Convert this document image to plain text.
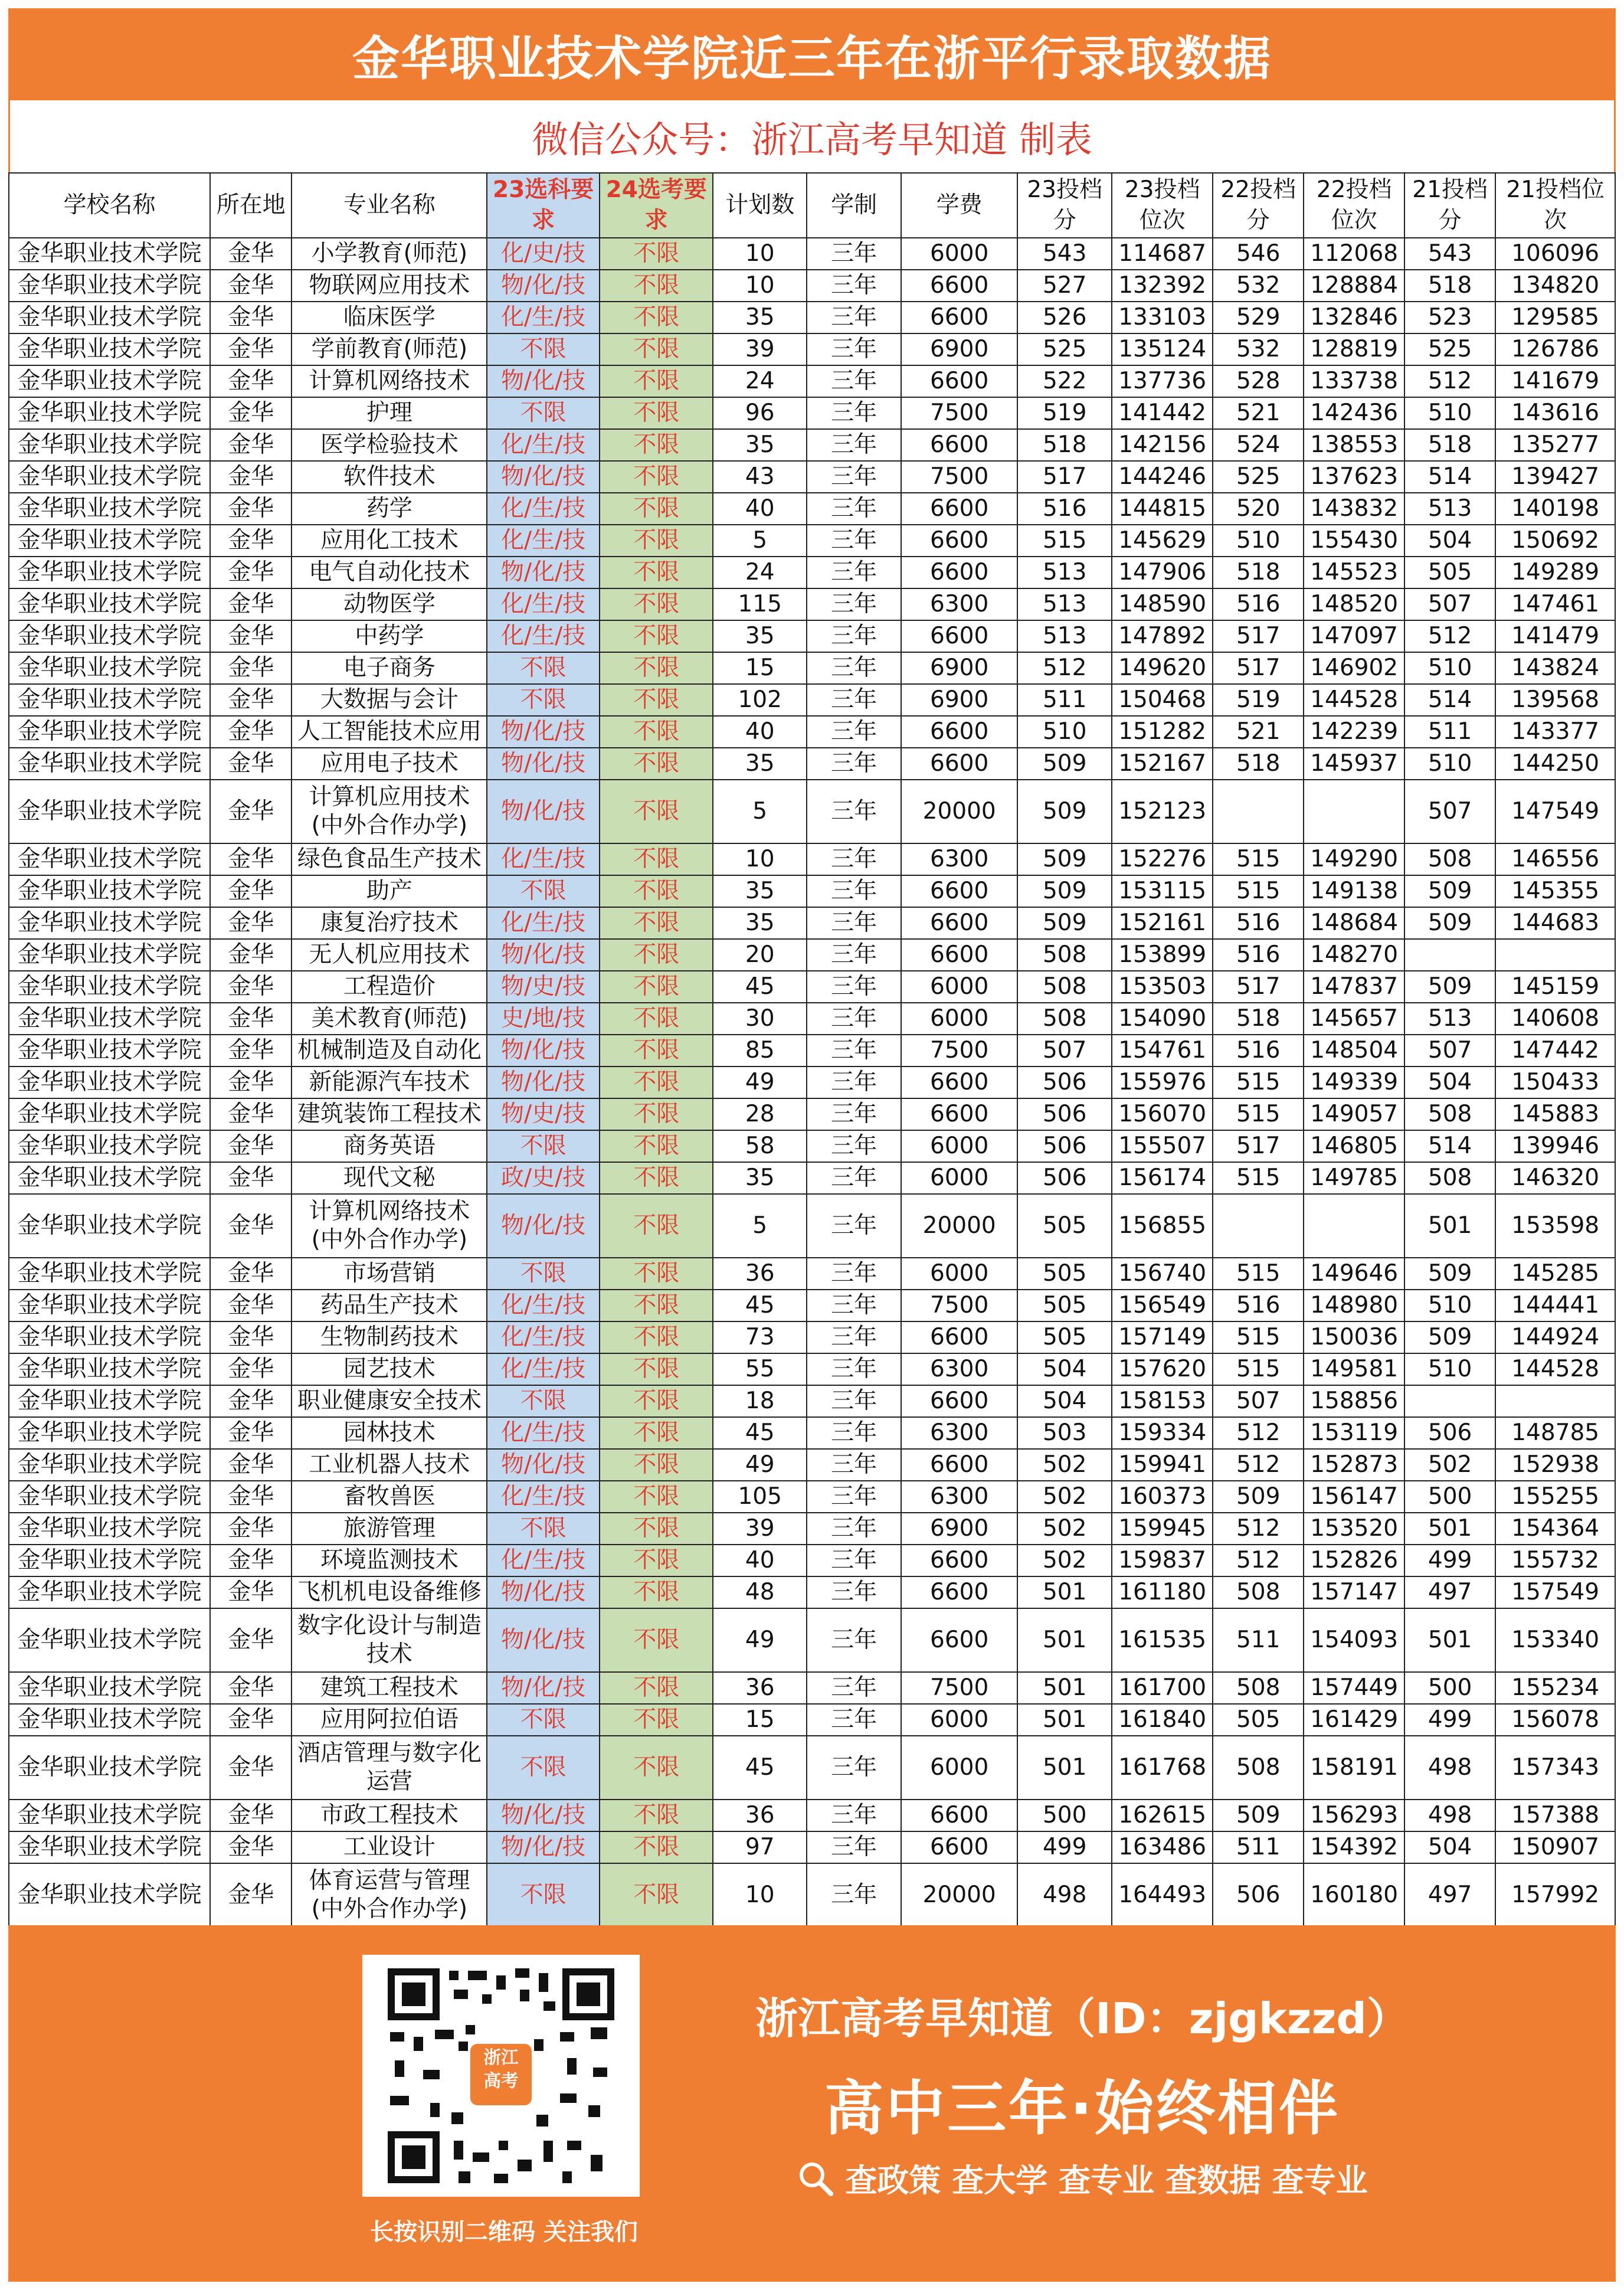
金华职业技术学院近三年在浙平行录取数据
微信公众号：浙江高考早知道 制表
学校名称	所在地	专业名称	23选科要求	24选考要求	计划数	学制	学费	23投档分	23投档位次	22投档分	22投档位次	21投档分	21投档位次
金华职业技术学院	金华	小学教育(师范)	化/史/技	不限	10	三年	6000	543	114687	546	112068	543	106096
金华职业技术学院	金华	物联网应用技术	物/化/技	不限	10	三年	6600	527	132392	532	128884	518	134820
金华职业技术学院	金华	临床医学	化/生/技	不限	35	三年	6600	526	133103	529	132846	523	129585
金华职业技术学院	金华	学前教育(师范)	不限	不限	39	三年	6900	525	135124	532	128819	525	126786
金华职业技术学院	金华	计算机网络技术	物/化/技	不限	24	三年	6600	522	137736	528	133738	512	141679
金华职业技术学院	金华	护理	不限	不限	96	三年	7500	519	141442	521	142436	510	143616
金华职业技术学院	金华	医学检验技术	化/生/技	不限	35	三年	6600	518	142156	524	138553	518	135277
金华职业技术学院	金华	软件技术	物/化/技	不限	43	三年	7500	517	144246	525	137623	514	139427
金华职业技术学院	金华	药学	化/生/技	不限	40	三年	6600	516	144815	520	143832	513	140198
金华职业技术学院	金华	应用化工技术	化/生/技	不限	5	三年	6600	515	145629	510	155430	504	150692
金华职业技术学院	金华	电气自动化技术	物/化/技	不限	24	三年	6600	513	147906	518	145523	505	149289
金华职业技术学院	金华	动物医学	化/生/技	不限	115	三年	6300	513	148590	516	148520	507	147461
金华职业技术学院	金华	中药学	化/生/技	不限	35	三年	6600	513	147892	517	147097	512	141479
金华职业技术学院	金华	电子商务	不限	不限	15	三年	6900	512	149620	517	146902	510	143824
金华职业技术学院	金华	大数据与会计	不限	不限	102	三年	6900	511	150468	519	144528	514	139568
金华职业技术学院	金华	人工智能技术应用	物/化/技	不限	40	三年	6600	510	151282	521	142239	511	143377
金华职业技术学院	金华	应用电子技术	物/化/技	不限	35	三年	6600	509	152167	518	145937	510	144250
金华职业技术学院	金华	计算机应用技术(中外合作办学)	物/化/技	不限	5	三年	20000	509	152123			507	147549
金华职业技术学院	金华	绿色食品生产技术	化/生/技	不限	10	三年	6300	509	152276	515	149290	508	146556
金华职业技术学院	金华	助产	不限	不限	35	三年	6600	509	153115	515	149138	509	145355
金华职业技术学院	金华	康复治疗技术	化/生/技	不限	35	三年	6600	509	152161	516	148684	509	144683
金华职业技术学院	金华	无人机应用技术	物/化/技	不限	20	三年	6600	508	153899	516	148270		
金华职业技术学院	金华	工程造价	物/史/技	不限	45	三年	6000	508	153503	517	147837	509	145159
金华职业技术学院	金华	美术教育(师范)	史/地/技	不限	30	三年	6000	508	154090	518	145657	513	140608
金华职业技术学院	金华	机械制造及自动化	物/化/技	不限	85	三年	7500	507	154761	516	148504	507	147442
金华职业技术学院	金华	新能源汽车技术	物/化/技	不限	49	三年	6600	506	155976	515	149339	504	150433
金华职业技术学院	金华	建筑装饰工程技术	物/史/技	不限	28	三年	6600	506	156070	515	149057	508	145883
金华职业技术学院	金华	商务英语	不限	不限	58	三年	6000	506	155507	517	146805	514	139946
金华职业技术学院	金华	现代文秘	政/史/技	不限	35	三年	6000	506	156174	515	149785	508	146320
金华职业技术学院	金华	计算机网络技术(中外合作办学)	物/化/技	不限	5	三年	20000	505	156855			501	153598
金华职业技术学院	金华	市场营销	不限	不限	36	三年	6000	505	156740	515	149646	509	145285
金华职业技术学院	金华	药品生产技术	化/生/技	不限	45	三年	7500	505	156549	516	148980	510	144441
金华职业技术学院	金华	生物制药技术	化/生/技	不限	73	三年	6600	505	157149	515	150036	509	144924
金华职业技术学院	金华	园艺技术	化/生/技	不限	55	三年	6300	504	157620	515	149581	510	144528
金华职业技术学院	金华	职业健康安全技术	不限	不限	18	三年	6600	504	158153	507	158856		
金华职业技术学院	金华	园林技术	化/生/技	不限	45	三年	6300	503	159334	512	153119	506	148785
金华职业技术学院	金华	工业机器人技术	物/化/技	不限	49	三年	6600	502	159941	512	152873	502	152938
金华职业技术学院	金华	畜牧兽医	化/生/技	不限	105	三年	6300	502	160373	509	156147	500	155255
金华职业技术学院	金华	旅游管理	不限	不限	39	三年	6900	502	159945	512	153520	501	154364
金华职业技术学院	金华	环境监测技术	化/生/技	不限	40	三年	6600	502	159837	512	152826	499	155732
金华职业技术学院	金华	飞机机电设备维修	物/化/技	不限	48	三年	6600	501	161180	508	157147	497	157549
金华职业技术学院	金华	数字化设计与制造技术	物/化/技	不限	49	三年	6600	501	161535	511	154093	501	153340
金华职业技术学院	金华	建筑工程技术	物/化/技	不限	36	三年	7500	501	161700	508	157449	500	155234
金华职业技术学院	金华	应用阿拉伯语	不限	不限	15	三年	6000	501	161840	505	161429	499	156078
金华职业技术学院	金华	酒店管理与数字化运营	不限	不限	45	三年	6000	501	161768	508	158191	498	157343
金华职业技术学院	金华	市政工程技术	物/化/技	不限	36	三年	6600	500	162615	509	156293	498	157388
金华职业技术学院	金华	工业设计	物/化/技	不限	97	三年	6600	499	163486	511	154392	504	150907
金华职业技术学院	金华	体育运营与管理(中外合作办学)	不限	不限	10	三年	20000	498	164493	506	160180	497	157992
浙江
高考
长按识别二维码 关注我们
浙江高考早知道（ID：zjgkzzd）
高中三年·始终相伴
查政策 查大学 查专业 查数据 查专业
